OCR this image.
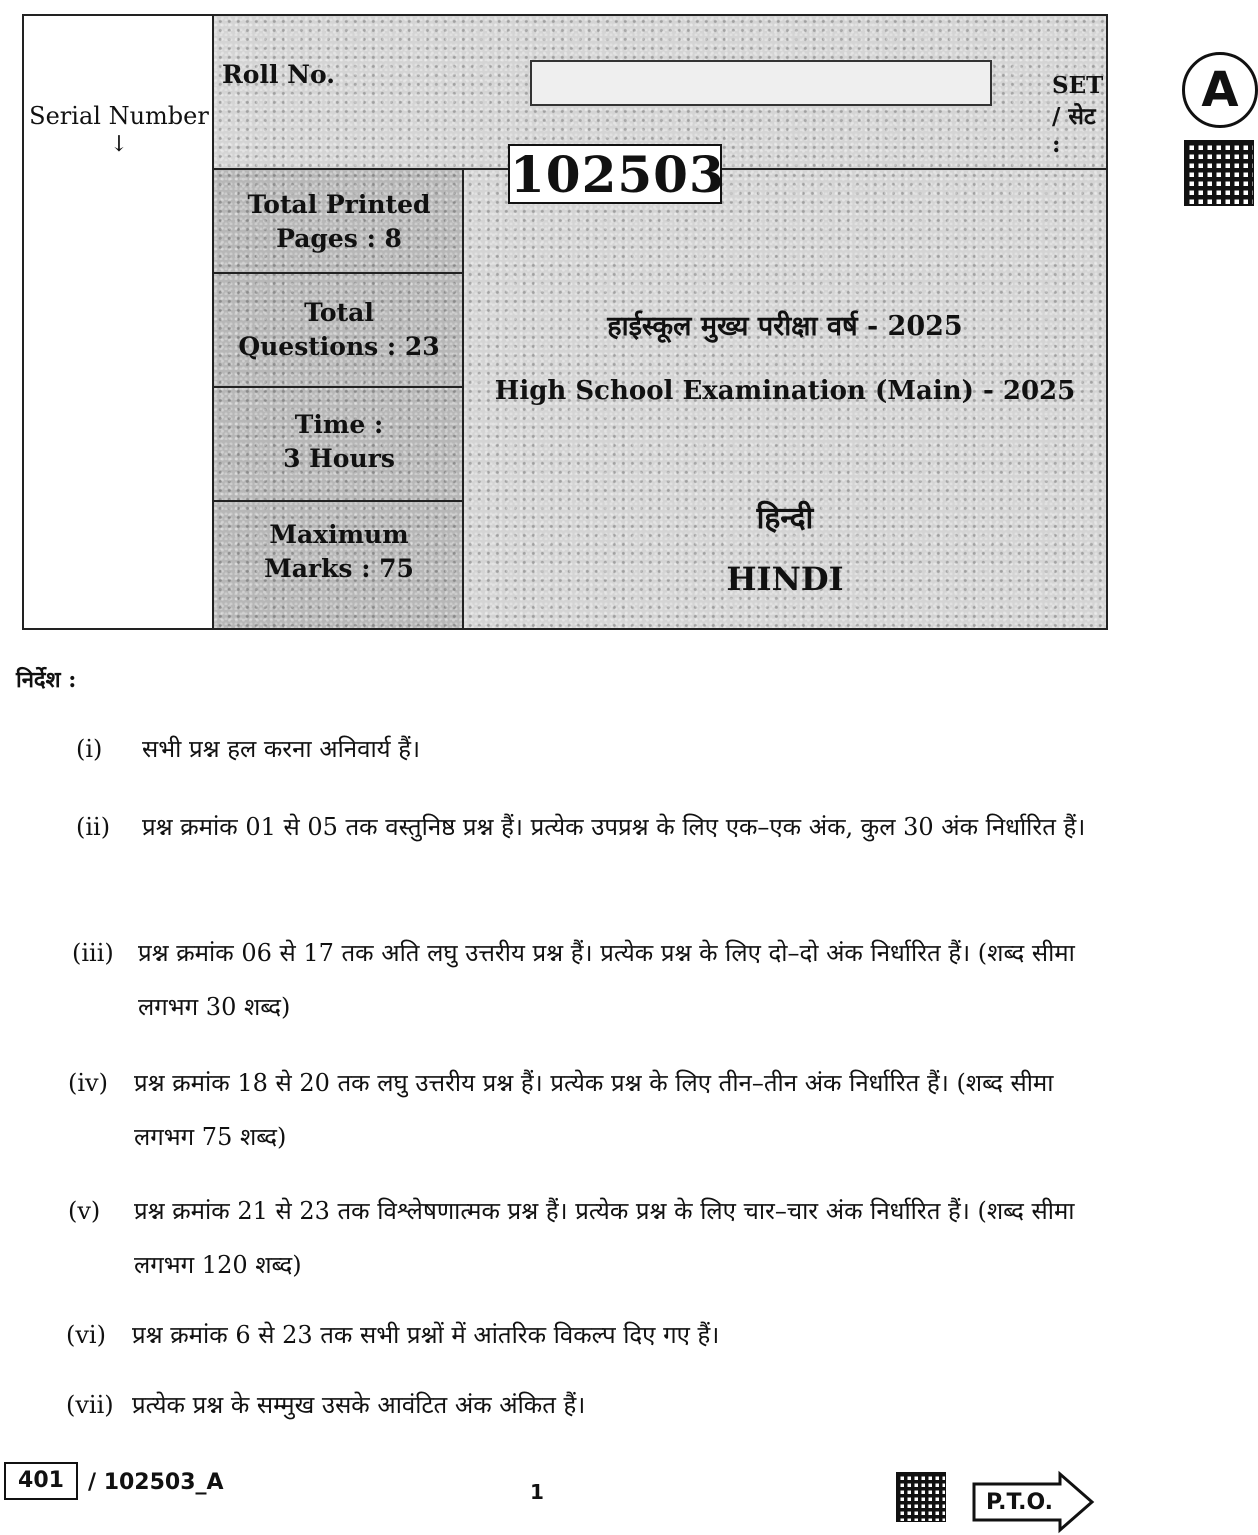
Serial Number
↓
Roll No.	SET / सेट :
A
Total Printed
Pages : 8
Total
Questions : 23
Time :
3 Hours
Maximum
Marks : 75
हाईस्कूल मुख्य परीक्षा वर्ष - 2025
High School Examination (Main) - 2025
हिन्दी
HINDI
102503
निर्देश :
(i) सभी प्रश्न हल करना अनिवार्य हैं।
(ii) प्रश्न क्रमांक 01 से 05 तक वस्तुनिष्ठ प्रश्न हैं। प्रत्येक उपप्रश्न के लिए एक–एक अंक, कुल 30 अंक निर्धारित हैं।
(iii) प्रश्न क्रमांक 06 से 17 तक अति लघु उत्तरीय प्रश्न हैं। प्रत्येक प्रश्न के लिए दो–दो अंक निर्धारित हैं। (शब्द सीमा लगभग 30 शब्द)
(iv) प्रश्न क्रमांक 18 से 20 तक लघु उत्तरीय प्रश्न हैं। प्रत्येक प्रश्न के लिए तीन–तीन अंक निर्धारित हैं। (शब्द सीमा लगभग 75 शब्द)
(v) प्रश्न क्रमांक 21 से 23 तक विश्लेषणात्मक प्रश्न हैं। प्रत्येक प्रश्न के लिए चार–चार अंक निर्धारित हैं। (शब्द सीमा लगभग 120 शब्द)
(vi) प्रश्न क्रमांक 6 से 23 तक सभी प्रश्नों में आंतरिक विकल्प दिए गए हैं।
(vii) प्रत्येक प्रश्न के सम्मुख उसके आवंटित अंक अंकित हैं।
401	/ 102503_A	1	P.T.O.
